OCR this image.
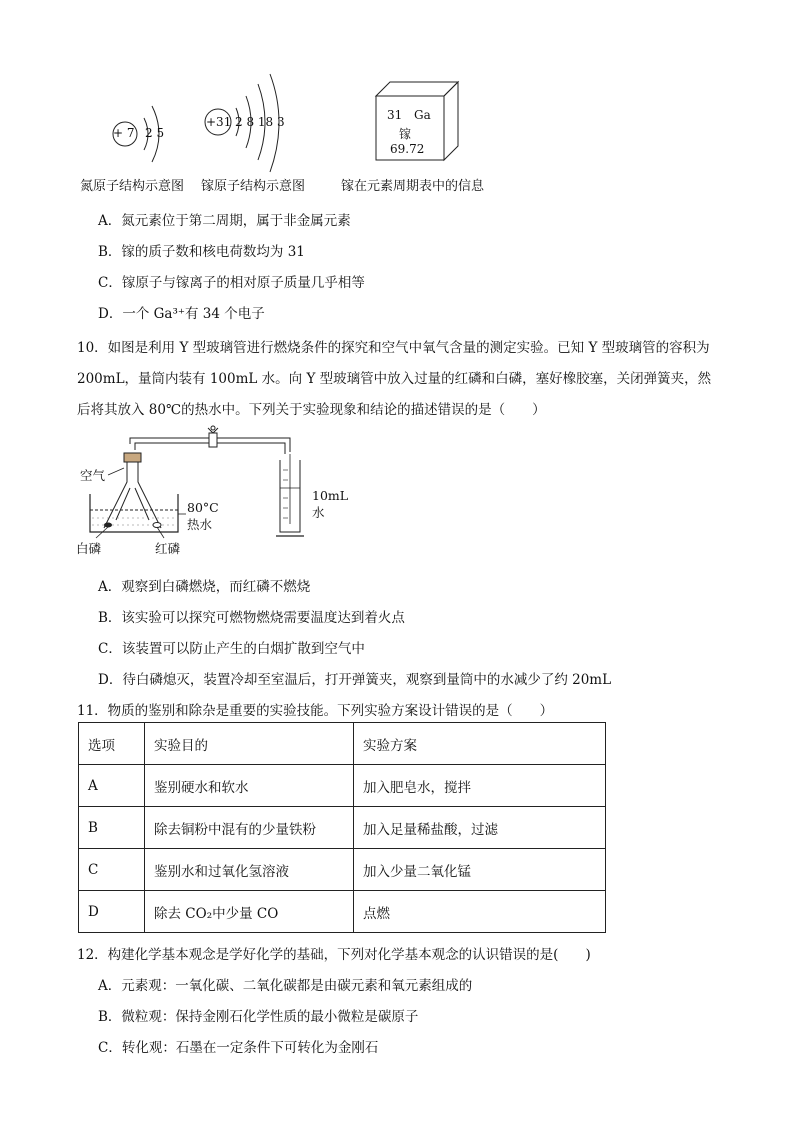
+ 7 2 5
+31 2 8 18 3	31 Ga
镓
69.72
氮原子结构示意图 镓原子结构示意图	镓在元素周期表中的信息
A．氮元素位于第二周期，属于非金属元素
B．镓的质子数和核电荷数均为 31
C．镓原子与镓离子的相对原子质量几乎相等
D．一个 Ga³⁺有 34 个电子
10．如图是利用 Y 型玻璃管进行燃烧条件的探究和空气中氧气含量的测定实验。已知 Y 型玻璃管的容积为
200mL，量筒内装有 100mL 水。向 Y 型玻璃管中放入过量的红磷和白磷，塞好橡胶塞，关闭弹簧夹，然
后将其放入 80℃的热水中。下列关于实验现象和结论的描述错误的是（　　）
空气
80°C
热水
白磷	红磷
10mL
水
A．观察到白磷燃烧，而红磷不燃烧
B．该实验可以探究可燃物燃烧需要温度达到着火点
C．该装置可以防止产生的白烟扩散到空气中
D．待白磷熄灭，装置冷却至室温后，打开弹簧夹，观察到量筒中的水减少了约 20mL
11．物质的鉴别和除杂是重要的实验技能。下列实验方案设计错误的是（　　）
选项	实验目的	实验方案
A	鉴别硬水和软水	加入肥皂水，搅拌
B	除去铜粉中混有的少量铁粉	加入足量稀盐酸，过滤
C	鉴别水和过氧化氢溶液	加入少量二氧化锰
D	除去 CO₂中少量 CO	点燃
12．构建化学基本观念是学好化学的基础，下列对化学基本观念的认识错误的是(　　)
A．元素观：一氧化碳、二氧化碳都是由碳元素和氧元素组成的
B．微粒观：保持金刚石化学性质的最小微粒是碳原子
C．转化观：石墨在一定条件下可转化为金刚石
